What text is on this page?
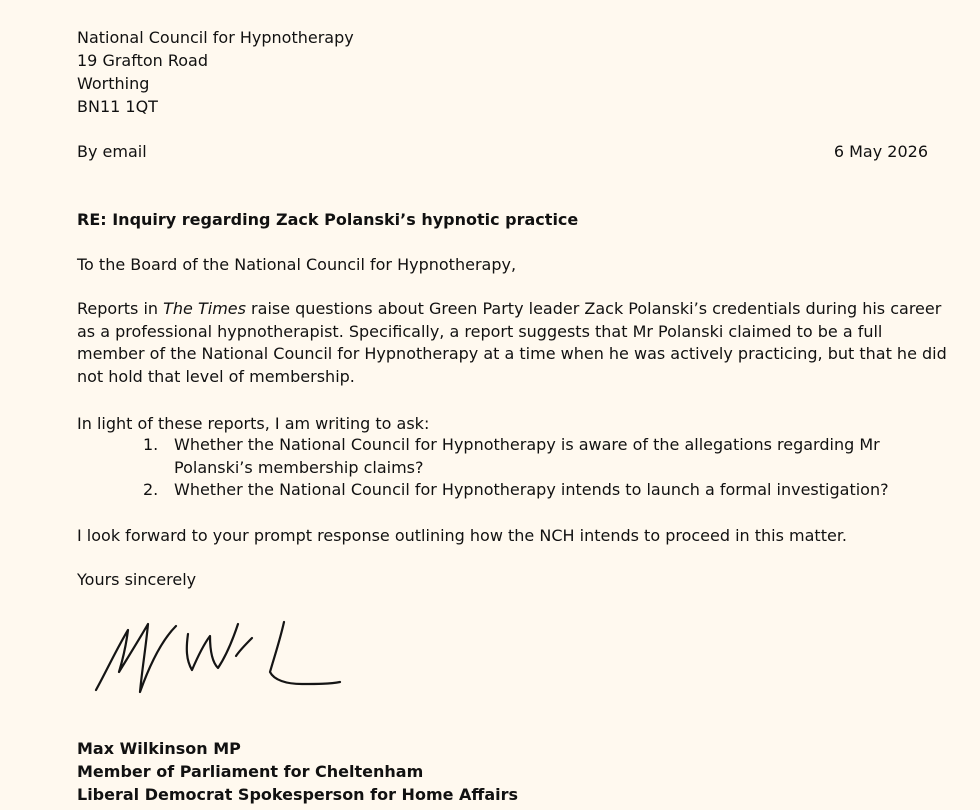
National Council for Hypnotherapy
19 Grafton Road
Worthing
BN11 1QT
By email	6 May 2026
RE: Inquiry regarding Zack Polanski’s hypnotic practice
To the Board of the National Council for Hypnotherapy,
Reports in The Times raise questions about Green Party leader Zack Polanski’s credentials during his career as a professional hypnotherapist. Specifically, a report suggests that Mr Polanski claimed to be a full member of the National Council for Hypnotherapy at a time when he was actively practicing, but that he did not hold that level of membership.
In light of these reports, I am writing to ask:
1. Whether the National Council for Hypnotherapy is aware of the allegations regarding Mr Polanski’s membership claims?
2. Whether the National Council for Hypnotherapy intends to launch a formal investigation?
I look forward to your prompt response outlining how the NCH intends to proceed in this matter.
Yours sincerely
Max Wilkinson MP
Member of Parliament for Cheltenham
Liberal Democrat Spokesperson for Home Affairs
